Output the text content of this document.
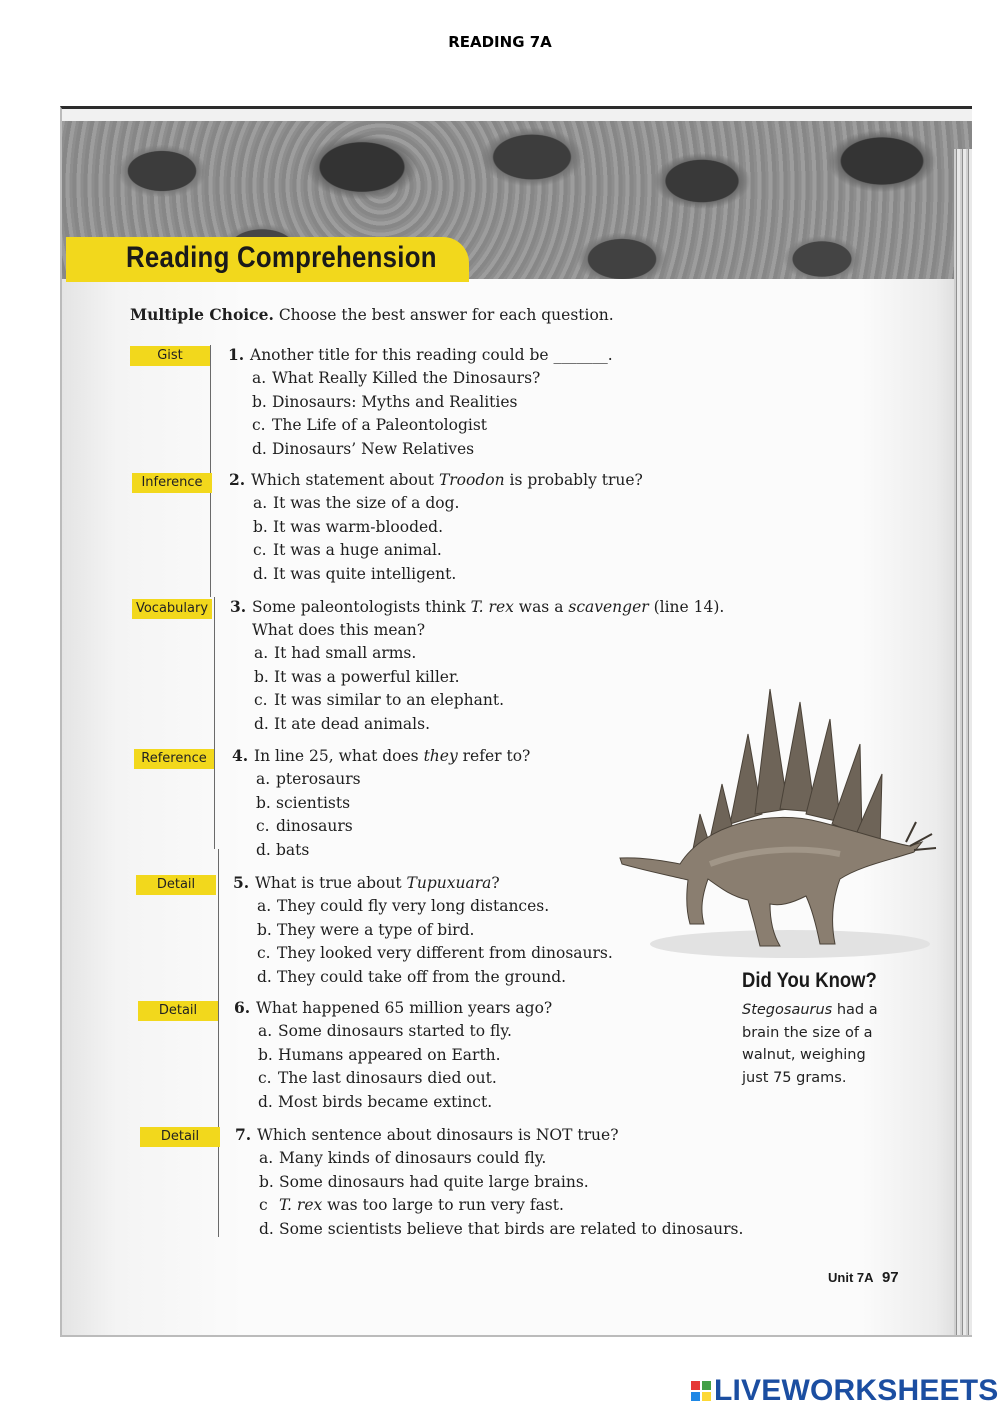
READING 7A
Reading Comprehension
Multiple Choice. Choose the best answer for each question.
Gist	1. Another title for this reading could be _______.
a. What Really Killed the Dinosaurs?
b. Dinosaurs: Myths and Realities
c. The Life of a Paleontologist
d. Dinosaurs’ New Relatives
Inference	2. Which statement about Troodon is probably true?
a. It was the size of a dog.
b. It was warm-blooded.
c. It was a huge animal.
d. It was quite intelligent.
Vocabulary 3. Some paleontologists think T. rex was a scavenger (line 14).
What does this mean?
a. It had small arms.
b. It was a powerful killer.
c. It was similar to an elephant.
d. It ate dead animals.
Reference	4. In line 25, what does they refer to?
a. pterosaurs
b. scientists
c. dinosaurs
d. bats
Detail	5. What is true about Tupuxuara?
a. They could fly very long distances.
b. They were a type of bird.
c. They looked very different from dinosaurs.
d. They could take off from the ground.
Detail	6. What happened 65 million years ago?
a. Some dinosaurs started to fly.
b. Humans appeared on Earth.
c. The last dinosaurs died out.
d. Most birds became extinct.
Detail	7. Which sentence about dinosaurs is NOT true?
a. Many kinds of dinosaurs could fly.
b. Some dinosaurs had quite large brains.
c T. rex was too large to run very fast.
d. Some scientists believe that birds are related to dinosaurs.
Did You Know?
Stegosaurus had a brain the size of a walnut, weighing just 75 grams.
Unit 7A 97
LIVEWORKSHEETS
